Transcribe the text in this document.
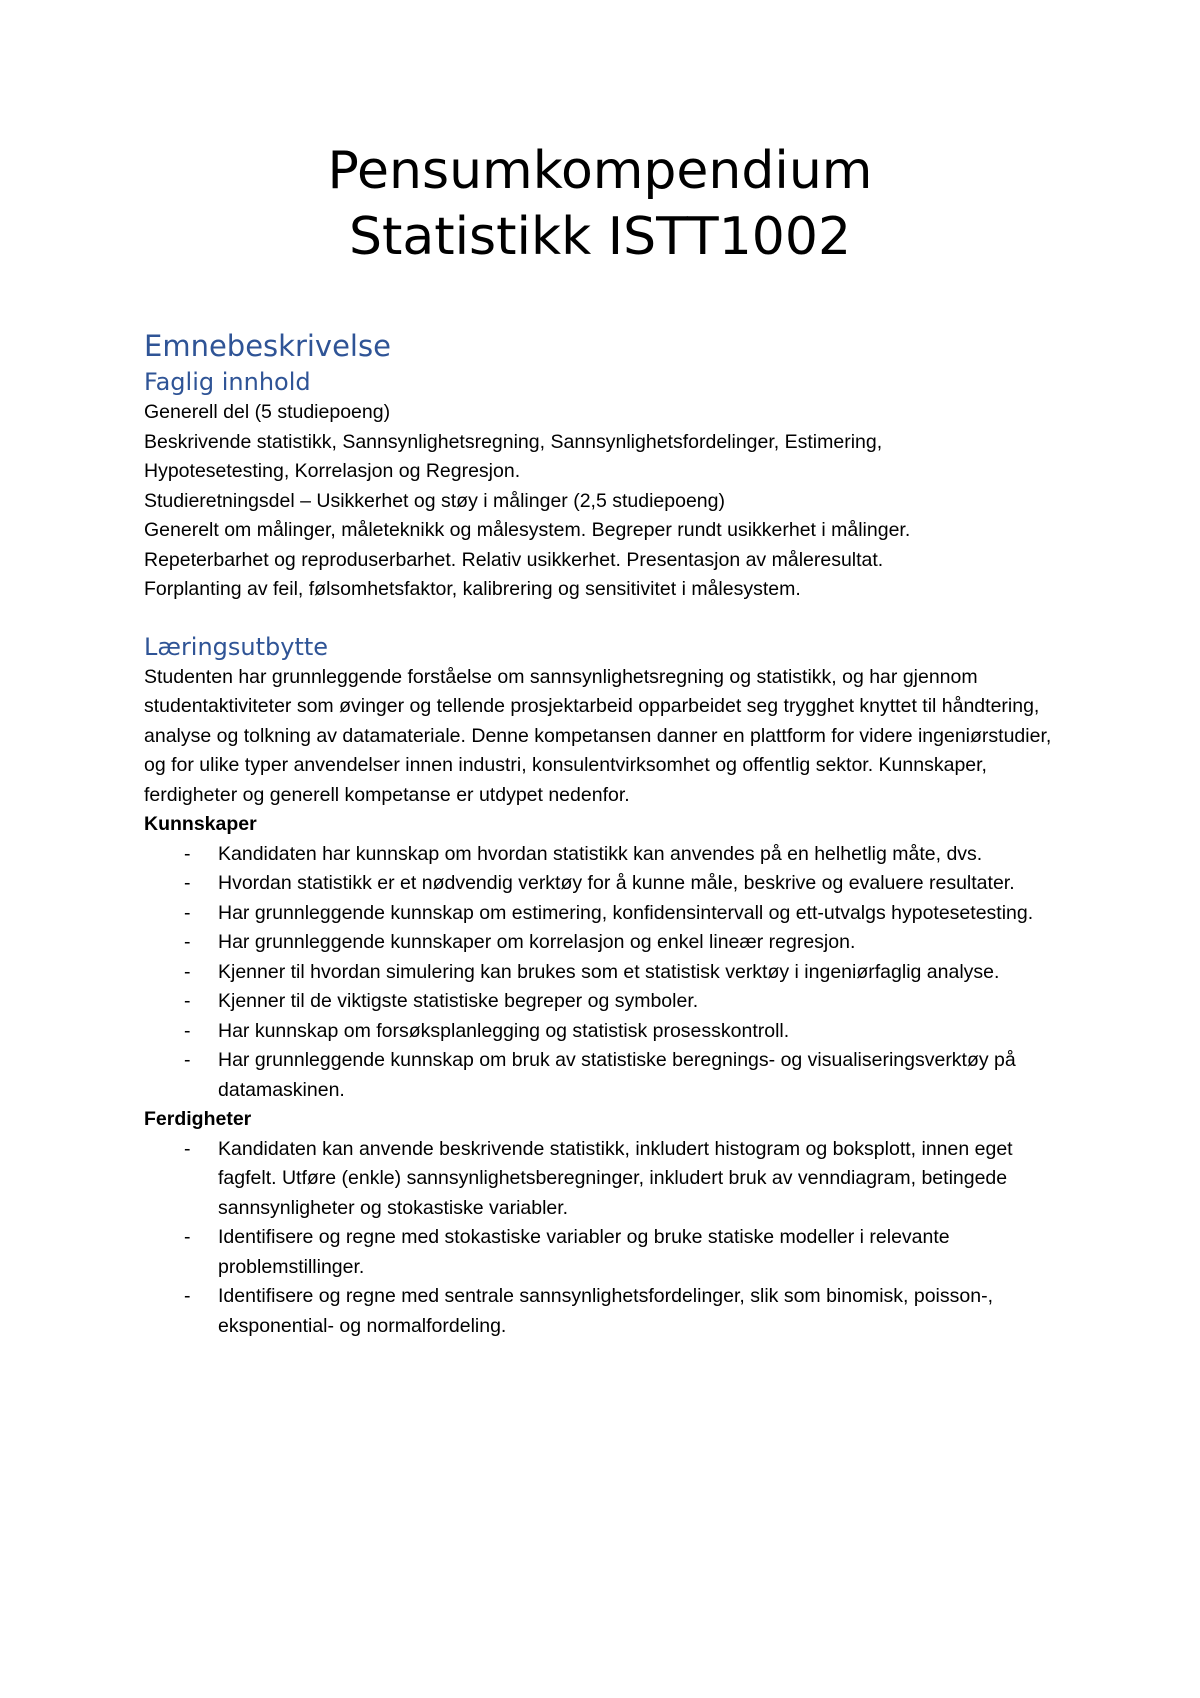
Pensumkompendium
Statistikk ISTT1002
Emnebeskrivelse
Faglig innhold

Generell del (5 studiepoeng)

Beskrivende statistikk, Sannsynlighetsregning, Sannsynlighetsfordelinger, Estimering,

Hypotesetesting, Korrelasjon og Regresjon.

Studieretningsdel – Usikkerhet og støy i målinger (2,5 studiepoeng)

Generelt om målinger, måleteknikk og målesystem. Begreper rundt usikkerhet i målinger.

Repeterbarhet og reproduserbarhet. Relativ usikkerhet. Presentasjon av måleresultat.

Forplanting av feil, følsomhetsfaktor, kalibrering og sensitivitet i målesystem.

Læringsutbytte

Studenten har grunnleggende forståelse om sannsynlighetsregning og statistikk, og har gjennom studentaktiviteter som øvinger og tellende prosjektarbeid opparbeidet seg trygghet knyttet til håndtering, analyse og tolkning av datamateriale. Denne kompetansen danner en plattform for videre ingeniørstudier, og for ulike typer anvendelser innen industri, konsulentvirksomhet og offentlig sektor. Kunnskaper, ferdigheter og generell kompetanse er utdypet nedenfor.

Kunnskaper

- Kandidaten har kunnskap om hvordan statistikk kan anvendes på en helhetlig måte, dvs.
- Hvordan statistikk er et nødvendig verktøy for å kunne måle, beskrive og evaluere resultater.
- Har grunnleggende kunnskap om estimering, konfidensintervall og ett-utvalgs hypotesetesting.
- Har grunnleggende kunnskaper om korrelasjon og enkel lineær regresjon.
- Kjenner til hvordan simulering kan brukes som et statistisk verktøy i ingeniørfaglig analyse.
- Kjenner til de viktigste statistiske begreper og symboler.
- Har kunnskap om forsøksplanlegging og statistisk prosesskontroll.
- Har grunnleggende kunnskap om bruk av statistiske beregnings- og visualiseringsverktøy på datamaskinen.

Ferdigheter

- Kandidaten kan anvende beskrivende statistikk, inkludert histogram og boksplott, innen eget fagfelt. Utføre (enkle) sannsynlighetsberegninger, inkludert bruk av venndiagram, betingede sannsynligheter og stokastiske variabler.
- Identifisere og regne med stokastiske variabler og bruke statiske modeller i relevante problemstillinger.
- Identifisere og regne med sentrale sannsynlighetsfordelinger, slik som binomisk, poisson-, eksponential- og normalfordeling.
